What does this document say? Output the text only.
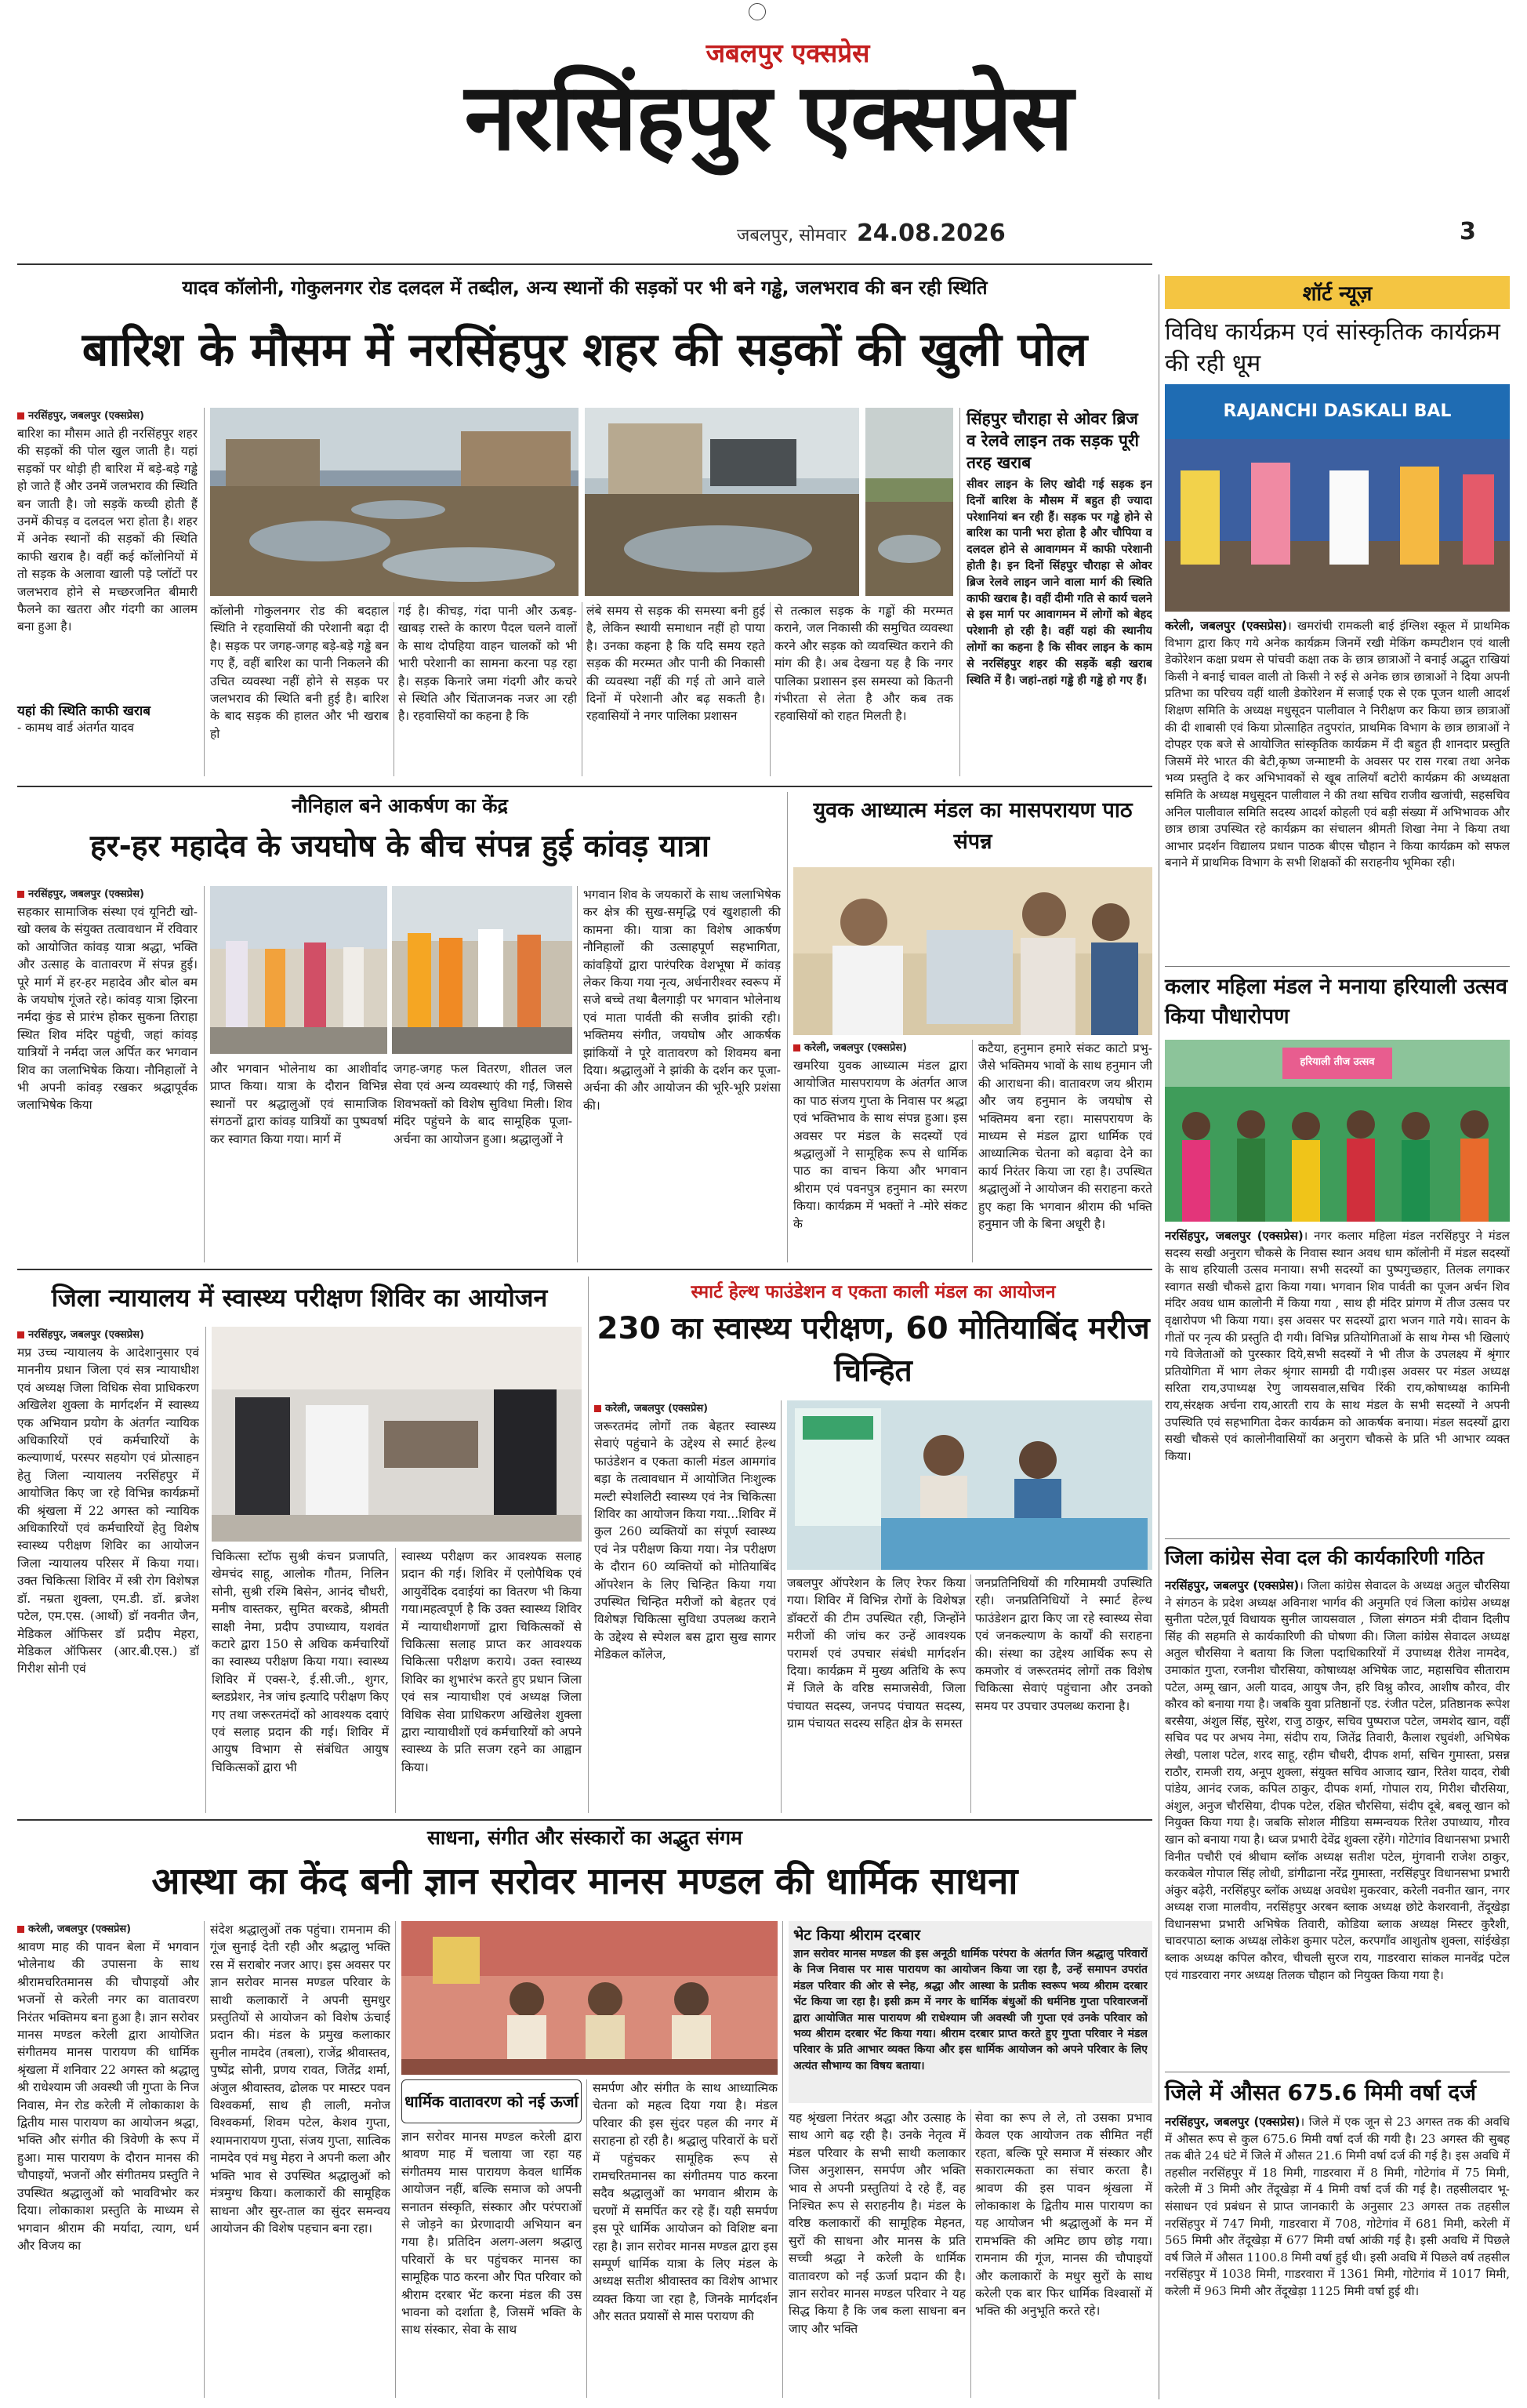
जबलपुर एक्सप्रेस
नरसिंहपुर एक्सप्रेस
जबलपुर, सोमवार 24.08.2026	3
यादव कॉलोनी, गोकुलनगर रोड दलदल में तब्दील, अन्य स्थानों की सड़कों पर भी बने गड्ढे, जलभराव की बन रही स्थिति
बारिश के मौसम में नरसिंहपुर शहर की सड़कों की खुली पोल
नरसिंहपुर, जबलपुर (एक्सप्रेस)
बारिश का मौसम आते ही नरसिंहपुर शहर की सड़कों की पोल खुल जाती है। यहां सड़कों पर थोड़ी ही बारिश में बड़े-बड़े गड्ढे हो जाते हैं और उनमें जलभराव की स्थिति बन जाती है। जो सड़कें कच्ची होती हैं उनमें कीचड़ व दलदल भरा होता है। शहर में अनेक स्थानों की सड़कों की स्थिति काफी खराब है। वहीं कई कॉलोनियों में तो सड़क के अलावा खाली पड़े प्लॉटों पर जलभराव होने से मच्छरजनित बीमारी फैलने का खतरा और गंदगी का आलम बना हुआ है।
यहां की स्थिति काफी खराब
- कामथ वार्ड अंतर्गत यादव
कॉलोनी गोकुलनगर रोड की बदहाल स्थिति ने रहवासियों की परेशानी बढ़ा दी है। सड़क पर जगह-जगह बड़े-बड़े गड्ढे बन गए हैं, वहीं बारिश का पानी निकलने की उचित व्यवस्था नहीं होने से सड़क पर जलभराव की स्थिति बनी हुई है। बारिश के बाद सड़क की हालत और भी खराब हो
गई है। कीचड़, गंदा पानी और ऊबड़-खाबड़ रास्ते के कारण पैदल चलने वालों के साथ दोपहिया वाहन चालकों को भी भारी परेशानी का सामना करना पड़ रहा है। सड़क किनारे जमा गंदगी और कचरे से स्थिति और चिंताजनक नजर आ रही है। रहवासियों का कहना है कि
लंबे समय से सड़क की समस्या बनी हुई है, लेकिन स्थायी समाधान नहीं हो पाया है। उनका कहना है कि यदि समय रहते सड़क की मरम्मत और पानी की निकासी की व्यवस्था नहीं की गई तो आने वाले दिनों में परेशानी और बढ़ सकती है। रहवासियों ने नगर पालिका प्रशासन
से तत्काल सड़क के गड्ढों की मरम्मत कराने, जल निकासी की समुचित व्यवस्था करने और सड़क को व्यवस्थित कराने की मांग की है। अब देखना यह है कि नगर पालिका प्रशासन इस समस्या को कितनी गंभीरता से लेता है और कब तक रहवासियों को राहत मिलती है।
सिंहपुर चौराहा से ओवर ब्रिज व रेलवे लाइन तक सड़क पूरी तरह खराब
सीवर लाइन के लिए खोदी गई सड़क इन दिनों बारिश के मौसम में बहुत ही ज्यादा परेशानियां बन रही हैं। सड़क पर गड्ढे होने से बारिश का पानी भरा होता है और चौपिया व दलदल होने से आवागमन में काफी परेशानी होती है। इन दिनों सिंहपुर चौराहा से ओवर ब्रिज रेलवे लाइन जाने वाला मार्ग की स्थिति काफी खराब है। वहीं दीमी गति से कार्य चलने से इस मार्ग पर आवागमन में लोगों को बेहद परेशानी हो रही है। वहीं यहां की स्थानीय लोगों का कहना है कि सीवर लाइन के काम से नरसिंहपुर शहर की सड़कें बड़ी खराब स्थिति में है। जहां-तहां गड्ढे ही गड्ढे हो गए हैं।
नौनिहाल बने आकर्षण का केंद्र
हर-हर महादेव के जयघोष के बीच संपन्न हुई कांवड़ यात्रा
नरसिंहपुर, जबलपुर (एक्सप्रेस)
सहकार सामाजिक संस्था एवं यूनिटी खो-खो क्लब के संयुक्त तत्वावधान में रविवार को आयोजित कांवड़ यात्रा श्रद्धा, भक्ति और उत्साह के वातावरण में संपन्न हुई। पूरे मार्ग में हर-हर महादेव और बोल बम के जयघोष गूंजते रहे। कांवड़ यात्रा झिरना नर्मदा कुंड से प्रारंभ होकर सुकना तिराहा स्थित शिव मंदिर पहुंची, जहां कांवड़ यात्रियों ने नर्मदा जल अर्पित कर भगवान शिव का जलाभिषेक किया। नौनिहालों ने भी अपनी कांवड़ रखकर श्रद्धापूर्वक जलाभिषेक किया
और भगवान भोलेनाथ का आशीर्वाद प्राप्त किया। यात्रा के दौरान विभिन्न स्थानों पर श्रद्धालुओं एवं सामाजिक संगठनों द्वारा कांवड़ यात्रियों का पुष्पवर्षा कर स्वागत किया गया। मार्ग में
जगह-जगह फल वितरण, शीतल जल सेवा एवं अन्य व्यवस्थाएं की गईं, जिससे शिवभक्तों को विशेष सुविधा मिली। शिव मंदिर पहुंचने के बाद सामूहिक पूजा-अर्चना का आयोजन हुआ। श्रद्धालुओं ने
भगवान शिव के जयकारों के साथ जलाभिषेक कर क्षेत्र की सुख-समृद्धि एवं खुशहाली की कामना की। यात्रा का विशेष आकर्षण नौनिहालों की उत्साहपूर्ण सहभागिता, कांवड़ियों द्वारा पारंपरिक वेशभूषा में कांवड़ लेकर किया गया नृत्य, अर्धनारीश्वर स्वरूप में सजे बच्चे तथा बैलगाड़ी पर भगवान भोलेनाथ एवं माता पार्वती की सजीव झांकी रही। भक्तिमय संगीत, जयघोष और आकर्षक झांकियों ने पूरे वातावरण को शिवमय बना दिया। श्रद्धालुओं ने झांकी के दर्शन कर पूजा-अर्चना की और आयोजन की भूरि-भूरि प्रशंसा की।
युवक आध्यात्म मंडल का मासपरायण पाठ संपन्न
करेली, जबलपुर (एक्सप्रेस)
खमरिया युवक आध्यात्म मंडल द्वारा आयोजित मासपरायण के अंतर्गत आज का पाठ संजय गुप्ता के निवास पर श्रद्धा एवं भक्तिभाव के साथ संपन्न हुआ। इस अवसर पर मंडल के सदस्यों एवं श्रद्धालुओं ने सामूहिक रूप से धार्मिक पाठ का वाचन किया और भगवान श्रीराम एवं पवनपुत्र हनुमान का स्मरण किया। कार्यक्रम में भक्तों ने -मोरे संकट के
कटैया, हनुमान हमारे संकट काटो प्रभु- जैसे भक्तिमय भावों के साथ हनुमान जी की आराधना की। वातावरण जय श्रीराम और जय हनुमान के जयघोष से भक्तिमय बना रहा। मासपरायण के माध्यम से मंडल द्वारा धार्मिक एवं आध्यात्मिक चेतना को बढ़ावा देने का कार्य निरंतर किया जा रहा है। उपस्थित श्रद्धालुओं ने आयोजन की सराहना करते हुए कहा कि भगवान श्रीराम की भक्ति हनुमान जी के बिना अधूरी है।
जिला न्यायालय में स्वास्थ्य परीक्षण शिविर का आयोजन
नरसिंहपुर, जबलपुर (एक्सप्रेस)
मप्र उच्च न्यायालय के आदेशानुसार एवं माननीय प्रधान जिला एवं सत्र न्यायाधीश एवं अध्यक्ष जिला विधिक सेवा प्राधिकरण अखिलेश शुक्ला के मार्गदर्शन में स्वास्थ्य एक अभियान प्रयोग के अंतर्गत न्यायिक अधिकारियों एवं कर्मचारियों के कल्याणार्थ, परस्पर सहयोग एवं प्रोत्साहन हेतु जिला न्यायालय नरसिंहपुर में आयोजित किए जा रहे विभिन्न कार्यक्रमों की श्रृंखला में 22 अगस्त को न्यायिक अधिकारियों एवं कर्मचारियों हेतु विशेष स्वास्थ्य परीक्षण शिविर का आयोजन जिला न्यायालय परिसर में किया गया। उक्त चिकित्सा शिविर में स्त्री रोग विशेषज्ञ डॉ. नम्रता शुक्ला, एम.डी. डॉ. ब्रजेश पटेल, एम.एस. (आर्थो) डॉ नवनीत जैन, मेडिकल ऑफिसर डॉ प्रदीप मेहरा, मेडिकल ऑफिसर (आर.बी.एस.) डॉ गिरीश सोनी एवं
चिकित्सा स्टॉफ सुश्री कंचन प्रजापति, खेमचंद साहू, आलोक गौतम, निलिन सोनी, सुश्री रश्मि बिसेन, आनंद चौधरी, मनीष वास्तकर, सुमित बरकडे, श्रीमती साक्षी नेमा, प्रदीप उपाध्याय, यशवंत कटारे द्वारा 150 से अधिक कर्मचारियों का स्वास्थ्य परीक्षण किया गया। स्वास्थ्य शिविर में एक्स-रे, ई.सी.जी., शुगर, ब्लडप्रेशर, नेत्र जांच इत्यादि परीक्षण किए गए तथा जरूरतमंदों को आवश्यक दवाएं एवं सलाह प्रदान की गई। शिविर में आयुष विभाग से संबंधित आयुष चिकित्सकों द्वारा भी
स्वास्थ्य परीक्षण कर आवश्यक सलाह प्रदान की गई। शिविर में एलोपैथिक एवं आयुर्वेदिक दवाईयां का वितरण भी किया गया।महत्वपूर्ण है कि उक्त स्वास्थ्य शिविर में न्यायाधीशगणों द्वारा चिकित्सकों से चिकित्सा सलाह प्राप्त कर आवश्यक चिकित्सा परीक्षण कराये। उक्त स्वास्थ्य शिविर का शुभारंभ करते हुए प्रधान जिला एवं सत्र न्यायाधीश एवं अध्यक्ष जिला विधिक सेवा प्राधिकरण अखिलेश शुक्ला द्वारा न्यायाधीशों एवं कर्मचारियों को अपने स्वास्थ्य के प्रति सजग रहने का आह्वान किया।
स्मार्ट हेल्थ फाउंडेशन व एकता काली मंडल का आयोजन
230 का स्वास्थ्य परीक्षण, 60 मोतियाबिंद मरीज चिन्हित
करेली, जबलपुर (एक्सप्रेस)
जरूरतमंद लोगों तक बेहतर स्वास्थ्य सेवाएं पहुंचाने के उद्देश्य से स्मार्ट हेल्थ फाउंडेशन व एकता काली मंडल आमगांव बड़ा के तत्वावधान में आयोजित निःशुल्क मल्टी स्पेशलिटी स्वास्थ्य एवं नेत्र चिकित्सा शिविर का आयोजन किया गया...शिविर में कुल 260 व्यक्तियों का संपूर्ण स्वास्थ्य एवं नेत्र परीक्षण किया गया। नेत्र परीक्षण के दौरान 60 व्यक्तियों को मोतियाबिंद ऑपरेशन के लिए चिन्हित किया गया उपस्थित चिन्हित मरीजों को बेहतर एवं विशेषज्ञ चिकित्सा सुविधा उपलब्ध कराने के उद्देश्य से स्पेशल बस द्वारा सुख सागर मेडिकल कॉलेज,
जबलपुर ऑपरेशन के लिए रेफर किया गया। शिविर में विभिन्न रोगों के विशेषज्ञ डॉक्टरों की टीम उपस्थित रही, जिन्होंने मरीजों की जांच कर उन्हें आवश्यक परामर्श एवं उपचार संबंधी मार्गदर्शन दिया। कार्यक्रम में मुख्य अतिथि के रूप में जिले के वरिष्ठ समाजसेवी, जिला पंचायत सदस्य, जनपद पंचायत सदस्य, ग्राम पंचायत सदस्य सहित क्षेत्र के समस्त
जनप्रतिनिधियों की गरिमामयी उपस्थिति रही। जनप्रतिनिधियों ने स्मार्ट हेल्थ फाउंडेशन द्वारा किए जा रहे स्वास्थ्य सेवा एवं जनकल्याण के कार्यों की सराहना की। संस्था का उद्देश्य आर्थिक रूप से कमजोर वं जरूरतमंद लोगों तक विशेष चिकित्सा सेवाएं पहुंचाना और उनको समय पर उपचार उपलब्ध कराना है।
साधना, संगीत और संस्कारों का अद्भुत संगम
आस्था का केंद बनी ज्ञान सरोवर मानस मण्डल की धार्मिक साधना
करेली, जबलपुर (एक्सप्रेस)
श्रावण माह की पावन बेला में भगवान भोलेनाथ की उपासना के साथ श्रीरामचरितमानस की चौपाइयों और भजनों से करेली नगर का वातावरण निरंतर भक्तिमय बना हुआ है। ज्ञान सरोवर मानस मण्डल करेली द्वारा आयोजित संगीतमय मानस पारायण की धार्मिक श्रृंखला में शनिवार 22 अगस्त को श्रद्धालु श्री राधेश्याम जी अवस्थी जी गुप्ता के निज निवास, मेन रोड करेली में लोकाकाश के द्वितीय मास पारायण का आयोजन श्रद्धा, भक्ति और संगीत की त्रिवेणी के रूप में हुआ। मास पारायण के दौरान मानस की चौपाइयों, भजनों और संगीतमय प्रस्तुति ने उपस्थित श्रद्धालुओं को भावविभोर कर दिया। लोकाकाश प्रस्तुति के माध्यम से भगवान श्रीराम की मर्यादा, त्याग, धर्म और विजय का
संदेश श्रद्धालुओं तक पहुंचा। रामनाम की गूंज सुनाई देती रही और श्रद्धालु भक्ति रस में सराबोर नजर आए। इस अवसर पर ज्ञान सरोवर मानस मण्डल परिवार के साथी कलाकारों ने अपनी सुमधुर प्रस्तुतियों से आयोजन को विशेष ऊंचाई प्रदान की। मंडल के प्रमुख कलाकार सुनील नामदेव (तबला), राजेंद्र श्रीवास्तव, पुष्पेंद्र सोनी, प्रणय रावत, जितेंद्र शर्मा, अंजुल श्रीवास्तव, ढोलक पर मास्टर पवन विश्वकर्मा, साथ ही लाली, मनोज विश्वकर्मा, शिवम पटेल, केशव गुप्ता, श्यामनारायण गुप्ता, संजय गुप्ता, सात्विक नामदेव एवं मधु मेहरा ने अपनी कला और भक्ति भाव से उपस्थित श्रद्धालुओं को मंत्रमुग्ध किया। कलाकारों की सामूहिक साधना और सुर-ताल का सुंदर समन्वय आयोजन की विशेष पहचान बना रहा।
धार्मिक वातावरण को नई ऊर्जा
ज्ञान सरोवर मानस मण्डल करेली द्वारा श्रावण माह में चलाया जा रहा यह संगीतमय मास पारायण केवल धार्मिक आयोजन नहीं, बल्कि समाज को अपनी सनातन संस्कृति, संस्कार और परंपराओं से जोड़ने का प्रेरणादायी अभियान बन गया है। प्रतिदिन अलग-अलग श्रद्धालु परिवारों के घर पहुंचकर मानस का सामूहिक पाठ करना और पित परिवार को श्रीराम दरबार भेंट करना मंडल की उस भावना को दर्शाता है, जिसमें भक्ति के साथ संस्कार, सेवा के साथ
समर्पण और संगीत के साथ आध्यात्मिक चेतना को महत्व दिया गया है। मंडल परिवार की इस सुंदर पहल की नगर में सराहना हो रही है। श्रद्धालु परिवारों के घरों में पहुंचकर सामूहिक रूप से रामचरितमानस का संगीतमय पाठ करना सदैव श्रद्धालुओं का भगवान श्रीराम के चरणों में समर्पित कर रहे हैं। यही समर्पण इस पूरे धार्मिक आयोजन को विशिष्ट बना रहा है। ज्ञान सरोवर मानस मण्डल द्वारा इस सम्पूर्ण धार्मिक यात्रा के लिए मंडल के अध्यक्ष सतीश श्रीवास्तव का विशेष आभार व्यक्त किया जा रहा है, जिनके मार्गदर्शन और सतत प्रयासों से मास परायण की
भेट किया श्रीराम दरबार
ज्ञान सरोवर मानस मण्डल की इस अनूठी धार्मिक परंपरा के अंतर्गत जिन श्रद्धालु परिवारों के निज निवास पर मास पारायण का आयोजन किया जा रहा है, उन्हें समापन उपरांत मंडल परिवार की ओर से स्नेह, श्रद्धा और आस्था के प्रतीक स्वरूप भव्य श्रीराम दरबार भेंट किया जा रहा है। इसी क्रम में नगर के धार्मिक बंधुओं की धर्मनिष्ठ गुप्ता परिवारजनों द्वारा आयोजित मास पारायण श्री राधेश्याम जी अवस्थी जी गुप्ता एवं उनके परिवार को भव्य श्रीराम दरबार भेंट किया गया। श्रीराम दरबार प्राप्त करते हुए गुप्ता परिवार ने मंडल परिवार के प्रति आभार व्यक्त किया और इस धार्मिक आयोजन को अपने परिवार के लिए अत्यंत सौभाग्य का विषय बताया।
यह श्रृंखला निरंतर श्रद्धा और उत्साह के साथ आगे बढ़ रही है। उनके नेतृत्व में मंडल परिवार के सभी साथी कलाकार जिस अनुशासन, समर्पण और भक्ति भाव से अपनी प्रस्तुतियां दे रहे हैं, वह निश्चित रूप से सराहनीय है। मंडल के वरिष्ठ कलाकारों की सामूहिक मेहनत, सुरों की साधना और मानस के प्रति सच्ची श्रद्धा ने करेली के धार्मिक वातावरण को नई ऊर्जा प्रदान की है। ज्ञान सरोवर मानस मण्डल परिवार ने यह सिद्ध किया है कि जब कला साधना बन जाए और भक्ति
सेवा का रूप ले ले, तो उसका प्रभाव केवल एक आयोजन तक सीमित नहीं रहता, बल्कि पूरे समाज में संस्कार और सकारात्मकता का संचार करता है। श्रावण की इस पावन श्रृंखला में लोकाकाश के द्वितीय मास पारायण का यह आयोजन भी श्रद्धालुओं के मन में रामभक्ति की अमिट छाप छोड़ गया। रामनाम की गूंज, मानस की चौपाइयों और कलाकारों के मधुर सुरों के साथ करेली एक बार फिर धार्मिक विश्वासों में भक्ति की अनुभूति करते रहे।
शॉर्ट न्यूज़
विविध कार्यक्रम एवं सांस्कृतिक कार्यक्रम की रही धूम
RAJANCHI DASKALI BAL
करेली, जबलपुर (एक्सप्रेस)। खमरांची रामकली बाई इंग्लिश स्कूल में प्राथमिक विभाग द्वारा किए गये अनेक कार्यक्रम जिनमें रखी मेकिंग कम्पटीशन एवं थाली डेकोरेशन कक्षा प्रथम से पांचवी कक्षा तक के छात्र छात्राओं ने बनाई अद्भुत राखियां किसी ने बनाई चावल वाली तो किसी ने रुई से अनेक छात्र छात्राओं ने दिया अपनी प्रतिभा का परिचय वहीं थाली डेकोरेशन में सजाई एक से एक पूजन थाली आदर्श शिक्षण समिति के अध्यक्ष मधुसूदन पालीवाल ने निरीक्षण कर किया छात्र छात्राओं की दी शाबासी एवं किया प्रोत्साहित तदुपरांत, प्राथमिक विभाग के छात्र छात्राओं ने दोपहर एक बजे से आयोजित सांस्कृतिक कार्यक्रम में दी बहुत ही शानदार प्रस्तुति जिसमें मेरे भारत की बेटी,कृष्ण जन्माष्टमी के अवसर पर रास गरबा तथा अनेक भव्य प्रस्तुति दे कर अभिभावकों से खूब तालियाँ बटोरी कार्यक्रम की अध्यक्षता समिति के अध्यक्ष मधुसूदन पालीवाल ने की तथा सचिव राजीव खजांची, सहसचिव अनिल पालीवाल समिति सदस्य आदर्श कोहली एवं बड़ी संख्या में अभिभावक और छात्र छात्रा उपस्थित रहे कार्यक्रम का संचालन श्रीमती शिखा नेमा ने किया तथा आभार प्रदर्शन विद्यालय प्रधान पाठक बीएस चौहान ने किया कार्यक्रम को सफल बनाने में प्राथमिक विभाग के सभी शिक्षकों की सराहनीय भूमिका रही।
कलार महिला मंडल ने मनाया हरियाली उत्सव किया पौधारोपण
हरियाली तीज उत्सव
नरसिंहपुर, जबलपुर (एक्सप्रेस)। नगर कलार महिला मंडल नरसिंहपुर ने मंडल सदस्य सखी अनुराग चौकसे के निवास स्थान अवध धाम कॉलोनी में मंडल सदस्यों के साथ हरियाली उत्सव मनाया। सभी सदस्यों का पुष्पगुच्छहार, तिलक लगाकर स्वागत सखी चौकसे द्वारा किया गया। भगवान शिव पार्वती का पूजन अर्चन शिव मंदिर अवध धाम कालोनी में किया गया , साथ ही मंदिर प्रांगण में तीज उत्सव पर वृक्षारोपण भी किया गया। इस अवसर पर सदस्यों द्वारा भजन गाते गये। सावन के गीतों पर नृत्य की प्रस्तुति दी गयी। विभिन्न प्रतियोगिताओं के साथ गेम्स भी खिलाएं गये विजेताओं को पुरस्कार दिये,सभी सदस्यों ने भी तीज के उपलक्ष्य में श्रृंगार प्रतियोगिता में भाग लेकर श्रृंगार सामग्री दी गयी।इस अवसर पर मंडल अध्यक्ष सरिता राय,उपाध्यक्ष रेणु जायसवाल,सचिव रिंकी राय,कोषाध्यक्ष कामिनी राय,संरक्षक अर्चना राय,आरती राय के साथ मंडल के सभी सदस्यों ने अपनी उपस्थिति एवं सहभागिता देकर कार्यक्रम को आकर्षक बनाया। मंडल सदस्यों द्वारा सखी चौकसे एवं कालोनीवासियों का अनुराग चौकसे के प्रति भी आभार व्यक्त किया।
जिला कांग्रेस सेवा दल की कार्यकारिणी गठित
नरसिंहपुर, जबलपुर (एक्सप्रेस)। जिला कांग्रेस सेवादल के अध्यक्ष अतुल चौरसिया ने संगठन के प्रदेश अध्यक्ष अविनाश भार्गव की अनुमति एवं जिला कांग्रेस अध्यक्ष सुनीता पटेल,पूर्व विधायक सुनील जायसवाल , जिला संगठन मंत्री दीवान दिलीप सिंह की सहमति से कार्यकारिणी की घोषणा की। जिला कांग्रेस सेवादल अध्यक्ष अतुल चौरसिया ने बताया कि जिला पदाधिकारियों में उपाध्यक्ष रीतेश नामदेव, उमाकांत गुप्ता, रजनीश चौरसिया, कोषाध्यक्ष अभिषेक जाट, महासचिव सीताराम पटेल, अम्मू खान, अली यादव, आयुष जैन, हरि विश्नु कौरव, आशीष कौरव, वीर कौरव को बनाया गया है। जबकि युवा प्रतिष्ठानों एड. रंजीत पटेल, प्रतिष्ठानक रूपेश बरसैया, अंशुल सिंह, सुरेश, राजु ठाकुर, सचिव पुष्पराज पटेल, जमशेद खान, वहीं सचिव पद पर अभय नेमा, संदीप राय, जितेंद्र तिवारी, कैलाश रघुवंशी, अभिषेक लेखी, पलाश पटेल, शरद साहू, रहीम चौधरी, दीपक शर्मा, सचिन गुमास्ता, प्रसन्न राठौर, रामजी राय, अनूप शुक्ला, संयुक्त सचिव आजाद खान, रितेश यादव, रोबी पांडेय, आनंद रजक, कपिल ठाकुर, दीपक शर्मा, गोपाल राय, गिरीश चौरसिया, अंशुल, अनुज चौरसिया, दीपक पटेल, रक्षित चौरसिया, संदीप दूबे, बबलू खान को नियुक्त किया गया है। जबकि सोशल मीडिया सम्मन्वयक रितेश उपाध्याय, गौरव खान को बनाया गया है। ध्वज प्रभारी देवेंद्र शुक्ला रहेंगे। गोटेगांव विधानसभा प्रभारी विनीत पचौरी एवं श्रीधाम ब्लॉक अध्यक्ष सतीश पटेल, मुंगवानी राजेश ठाकुर, करकबेल गोपाल सिंह लोधी, डांगीढाना नरेंद्र गुमास्ता, नरसिंहपुर विधानसभा प्रभारी अंकुर बढ़ेरी, नरसिंहपुर ब्लॉक अध्यक्ष अवधेश मुकरवार, करेली नवनीत खान, नगर अध्यक्ष राजा मालवीय, नरसिंहपुर अरबन ब्लाक अध्यक्ष छोटे केशरवानी, तेंदूखेड़ा विधानसभा प्रभारी अभिषेक तिवारी, कोडिया ब्लाक अध्यक्ष मिस्टर कुरैशी, चावरपाठा ब्लाक अध्यक्ष लोकेश कुमार पटेल, करपगाँव आशुतोष शुक्ला, सांईखेड़ा ब्लाक अध्यक्ष कपिल कौरव, चीचली सुरज राय, गाडरवारा सांकल मानवेंद्र पटेल एवं गाडरवारा नगर अध्यक्ष तिलक चौहान को नियुक्त किया गया है।
जिले में औसत 675.6 मिमी वर्षा दर्ज
नरसिंहपुर, जबलपुर (एक्सप्रेस)। जिले में एक जून से 23 अगस्त तक की अवधि में औसत रूप से कुल 675.6 मिमी वर्षा दर्ज की गयी है। 23 अगस्त की सुबह तक बीते 24 घंटे में जिले में औसत 21.6 मिमी वर्षा दर्ज की गई है। इस अवधि में तहसील नरसिंहपुर में 18 मिमी, गाडरवारा में 8 मिमी, गोटेगांव में 75 मिमी, करेली में 3 मिमी और तेंदूखेड़ा में 4 मिमी वर्षा दर्ज की गई है। तहसीलदार भू- संसाधन एवं प्रबंधन से प्राप्त जानकारी के अनुसार 23 अगस्त तक तहसील नरसिंहपुर में 747 मिमी, गाडरवारा में 708, गोटेगांव में 681 मिमी, करेली में 565 मिमी और तेंदूखेड़ा में 677 मिमी वर्षा आंकी गई है। इसी अवधि में पिछले वर्ष जिले में औसत 1100.8 मिमी वर्षा हुई थी। इसी अवधि में पिछले वर्ष तहसील नरसिंहपुर में 1038 मिमी, गाडरवारा में 1361 मिमी, गोटेगांव में 1017 मिमी, करेली में 963 मिमी और तेंदूखेड़ा 1125 मिमी वर्षा हुई थी।
